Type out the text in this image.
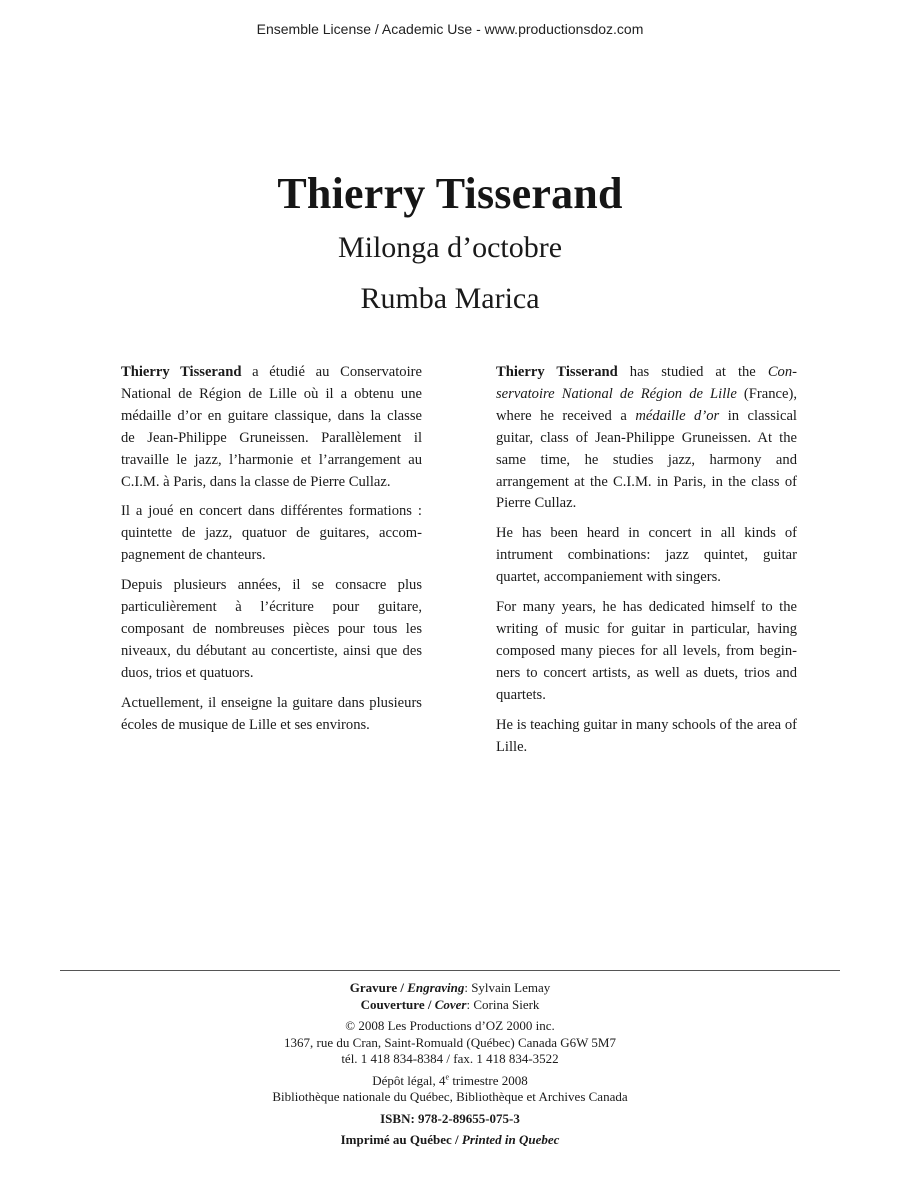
Ensemble License / Academic Use - www.productionsdoz.com
Thierry Tisserand
Milonga d’octobre
Rumba Marica

Thierry Tisserand a étudié au Conservatoire National de Région de Lille où il a obtenu une médaille d’or en guitare classique, dans la classe de Jean-Philippe Gruneissen. Parallèlement il travaille le jazz, l’harmonie et l’arrangement au C.I.M. à Paris, dans la classe de Pierre Cullaz.

Il a joué en concert dans différentes formations : quintette de jazz, quatuor de guitares, accompagnement de chanteurs.

Depuis plusieurs années, il se consacre plus particulièrement à l’écriture pour guitare, composant de nombreuses pièces pour tous les niveaux, du débutant au concertiste, ainsi que des duos, trios et quatuors.

Actuellement, il enseigne la guitare dans plusieurs écoles de musique de Lille et ses environs.

Thierry Tisserand has studied at the Conservatoire National de Région de Lille (France), where he received a médaille d’or in classical guitar, class of Jean-Philippe Gruneissen. At the same time, he studies jazz, harmony and arrangement at the C.I.M. in Paris, in the class of Pierre Cullaz.

He has been heard in concert in all kinds of intrument combinations: jazz quintet, guitar quartet, accompaniement with singers.

For many years, he has dedicated himself to the writing of music for guitar in particular, having composed many pieces for all levels, from beginners to concert artists, as well as duets, trios and quartets.

He is teaching guitar in many schools of the area of Lille.

Gravure / Engraving: Sylvain Lemay
Couverture / Cover: Corina Sierk
© 2008 Les Productions d’OZ 2000 inc.
1367, rue du Cran, Saint-Romuald (Québec) Canada G6W 5M7
tél. 1 418 834-8384 / fax. 1 418 834-3522
Dépôt légal, 4e trimestre 2008
Bibliothèque nationale du Québec, Bibliothèque et Archives Canada
ISBN: 978-2-89655-075-3
Imprimé au Québec / Printed in Quebec
